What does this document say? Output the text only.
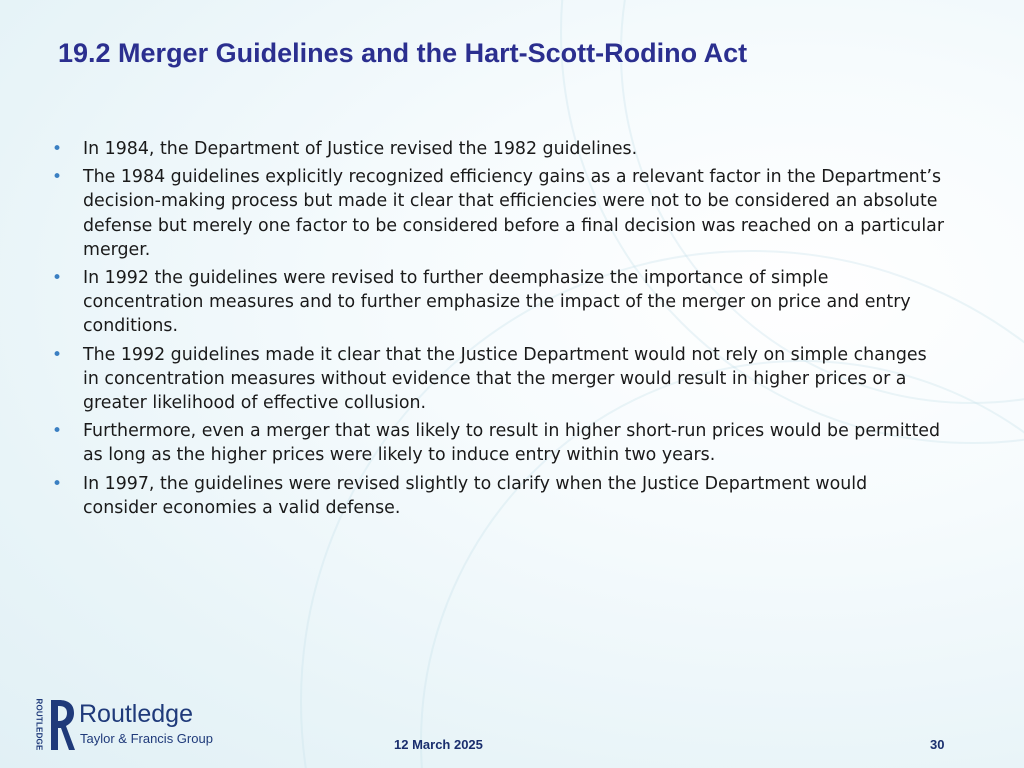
19.2 Merger Guidelines and the Hart-Scott-Rodino Act
• In 1984, the Department of Justice revised the 1982 guidelines.
• The 1984 guidelines explicitly recognized efficiency gains as a relevant factor in the Department’s decision-making process but made it clear that efficiencies were not to be considered an absolute defense but merely one factor to be considered before a final decision was reached on a particular merger.
• In 1992 the guidelines were revised to further deemphasize the importance of simple concentration measures and to further emphasize the impact of the merger on price and entry conditions.
• The 1992 guidelines made it clear that the Justice Department would not rely on simple changes in concentration measures without evidence that the merger would result in higher prices or a greater likelihood of effective collusion.
• Furthermore, even a merger that was likely to result in higher short-run prices would be permitted as long as the higher prices were likely to induce entry within two years.
• In 1997, the guidelines were revised slightly to clarify when the Justice Department would consider economies a valid defense.
ROUTLEDGE Routledge
Taylor & Francis Group	12 March 2025	30
